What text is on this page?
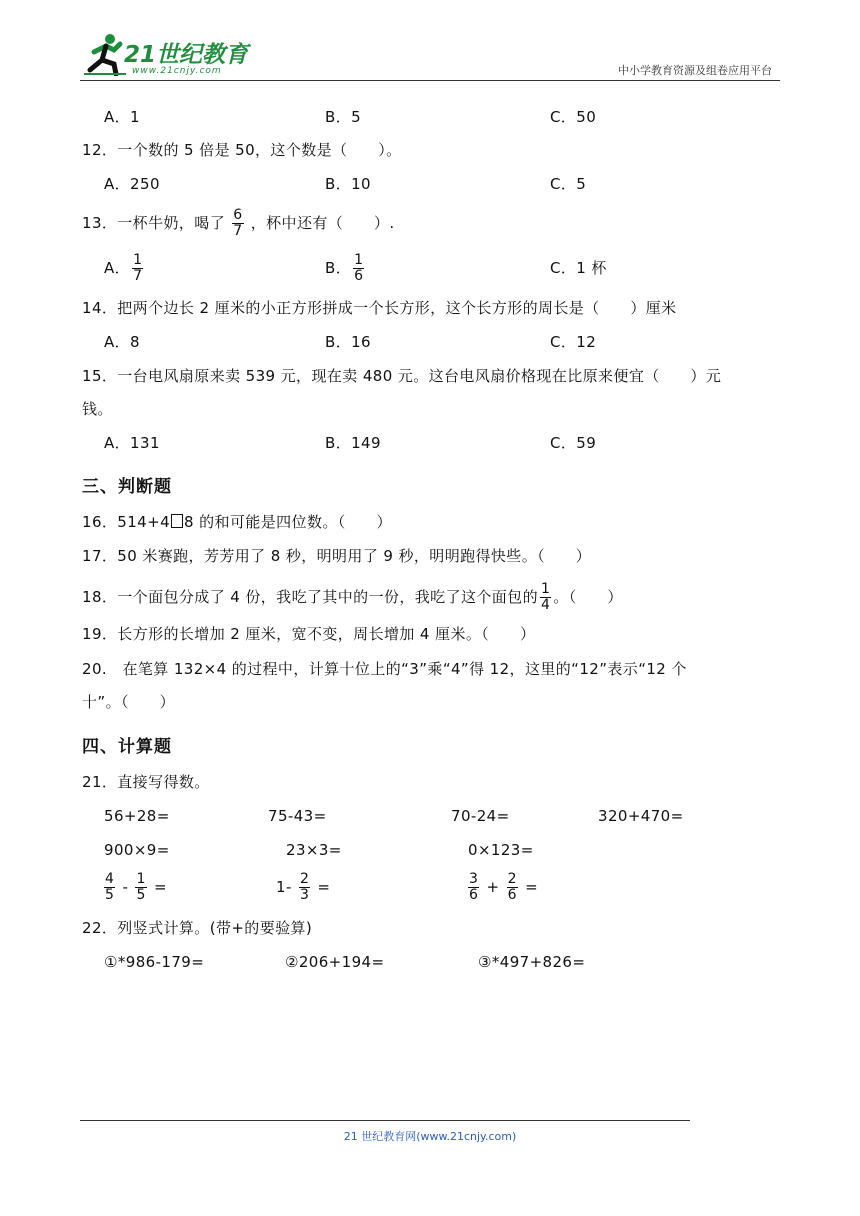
21世纪教育
www.21cnjy.com	中小学教育资源及组卷应用平台
A．1	B．5	C．50
12．一个数的 5 倍是 50，这个数是（　　）。
A．250	B．10	C．5
13．一杯牛奶，喝了 $\frac{6}{7}$ ，杯中还有（　　）.
A． $\frac{1}{7}$	B． $\frac{1}{6}$	C．1 杯
14．把两个边长 2 厘米的小正方形拼成一个长方形，这个长方形的周长是（　　）厘米
A．8	B．16	C．12
15．一台电风扇原来卖 539 元，现在卖 480 元。这台电风扇价格现在比原来便宜（　　）元
钱。
A．131	B．149	C．59
三、判断题
16．514+4 8 的和可能是四位数。（　　）
17．50 米赛跑，芳芳用了 8 秒，明明用了 9 秒，明明跑得快些。（　　）
18．一个面包分成了 4 份，我吃了其中的一份，我吃了这个面包的 $\frac{1}{4}$ 。（　　）
19．长方形的长增加 2 厘米，宽不变，周长增加 4 厘米。（　　）
20.　在笔算 132×4 的过程中，计算十位上的“3”乘“4”得 12，这里的“12”表示“12 个
十”。（　　）
四、计算题
21．直接写得数。
56+28=	75-43=	70-24=	320+470=
900×9=	23×3=	0×123=
$\frac{4}{5} - \frac{1}{5}$ =	$1- \frac{2}{3}$ =	$\frac{3}{6} + \frac{2}{6}$ =
22．列竖式计算。(带+的要验算)
①*986-179=	②206+194=	③*497+826=
21 世纪教育网(www.21cnjy.com)
